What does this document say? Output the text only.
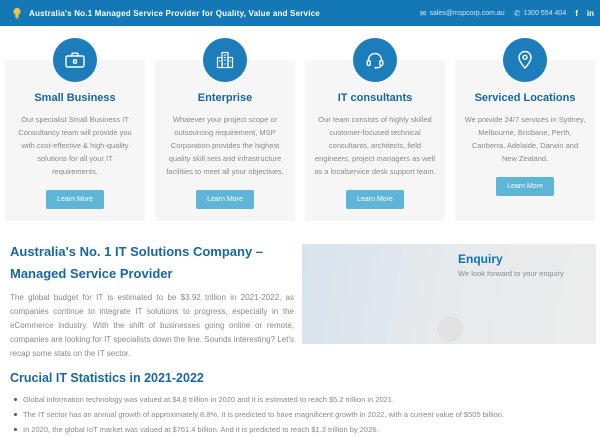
Australia's No.1 Managed Service Provider for Quality, Value and Service	✉ sales@mspcorp.com.au ✆ 1300 554 404 f in
Small Business
Our specialist Small Business IT Consultancy team will provide you with cost-effective & high-quality solutions for all your IT requirements.
Learn More
Enterprise
Whatever your project scope or outsourcing requirement, MSP Corporation provides the highest quality skill sets and infrastructure facilities to meet all your objectives.
Learn More
IT consultants
Our team consists of highly skilled customer-focused technical consultants, architects, field engineers, project managers as well as a localservice desk support team.
Learn More
Serviced Locations
We provide 24/7 services in Sydney, Melbourne, Brisbane, Perth, Canberra, Adelaide, Darwin and New Zealand.
Learn More
Australia's No. 1 IT Solutions Company – Managed Service Provider
The global budget for IT is estimated to be $3.92 trillion in 2021-2022, as companies continue to integrate IT solutions to progress, especially in the eCommerce industry. With the shift of businesses going online or remote, companies are looking for IT specialists down the line. Sounds interesting? Let's recap some stats on the IT sector.
Enquiry
We look forward to your enquiry
Crucial IT Statistics in 2021-2022
Global information technology was valued at $4.8 trillion in 2020 and it is estimated to reach $5.2 trillion in 2021.
The IT sector has an annual growth of approximately 8.8%. It is predicted to have magnificent growth in 2022, with a current value of $505 billion.
In 2020, the global IoT market was valued at $761.4 billion. And it is predicted to reach $1.3 trillion by 2026.
